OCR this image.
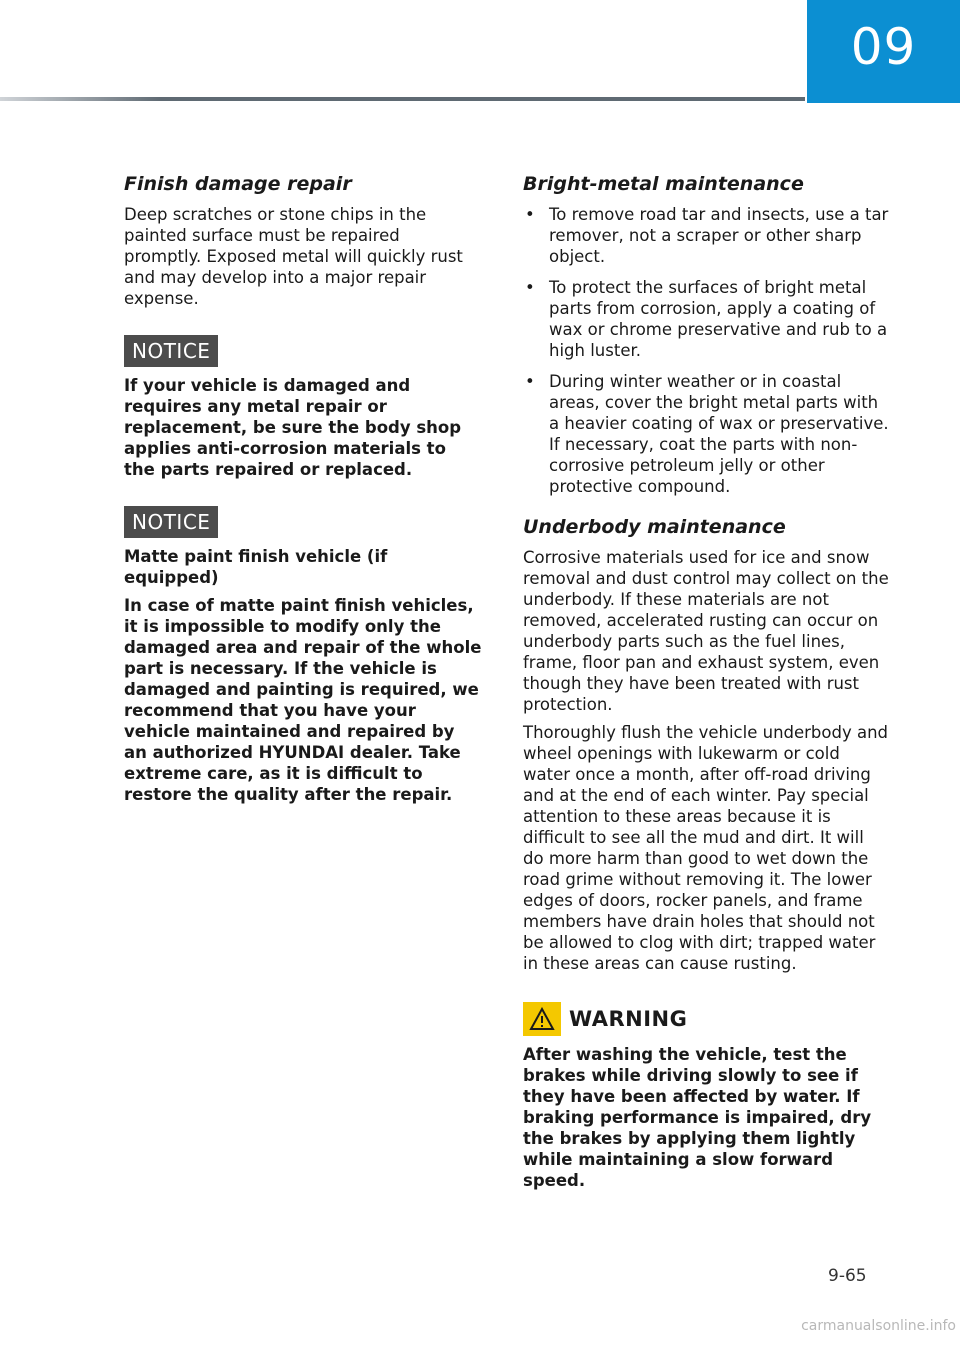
09
Finish damage repair

Deep scratches or stone chips in the painted surface must be repaired promptly. Exposed metal will quickly rust and may develop into a major repair expense.

NOTICE

If your vehicle is damaged and requires any metal repair or replacement, be sure the body shop applies anti-corrosion materials to the parts repaired or replaced.

NOTICE

Matte paint finish vehicle (if equipped)

In case of matte paint finish vehicles, it is impossible to modify only the damaged area and repair of the whole part is necessary. If the vehicle is damaged and painting is required, we recommend that you have your vehicle maintained and repaired by an authorized HYUNDAI dealer. Take extreme care, as it is difficult to restore the quality after the repair.

Bright-metal maintenance
• To remove road tar and insects, use a tar remover, not a scraper or other sharp object.
• To protect the surfaces of bright metal parts from corrosion, apply a coating of wax or chrome preservative and rub to a high luster.
• During winter weather or in coastal areas, cover the bright metal parts with a heavier coating of wax or preservative. If necessary, coat the parts with non-corrosive petroleum jelly or other protective compound.
Underbody maintenance

Corrosive materials used for ice and snow removal and dust control may collect on the underbody. If these materials are not removed, accelerated rusting can occur on underbody parts such as the fuel lines, frame, floor pan and exhaust system, even though they have been treated with rust protection.

Thoroughly flush the vehicle underbody and wheel openings with lukewarm or cold water once a month, after off-road driving and at the end of each winter. Pay special attention to these areas because it is difficult to see all the mud and dirt. It will do more harm than good to wet down the road grime without removing it. The lower edges of doors, rocker panels, and frame members have drain holes that should not be allowed to clog with dirt; trapped water in these areas can cause rusting.

WARNING

After washing the vehicle, test the brakes while driving slowly to see if they have been affected by water. If braking performance is impaired, dry the brakes by applying them lightly while maintaining a slow forward speed.

9-65
carmanualsonline.info
